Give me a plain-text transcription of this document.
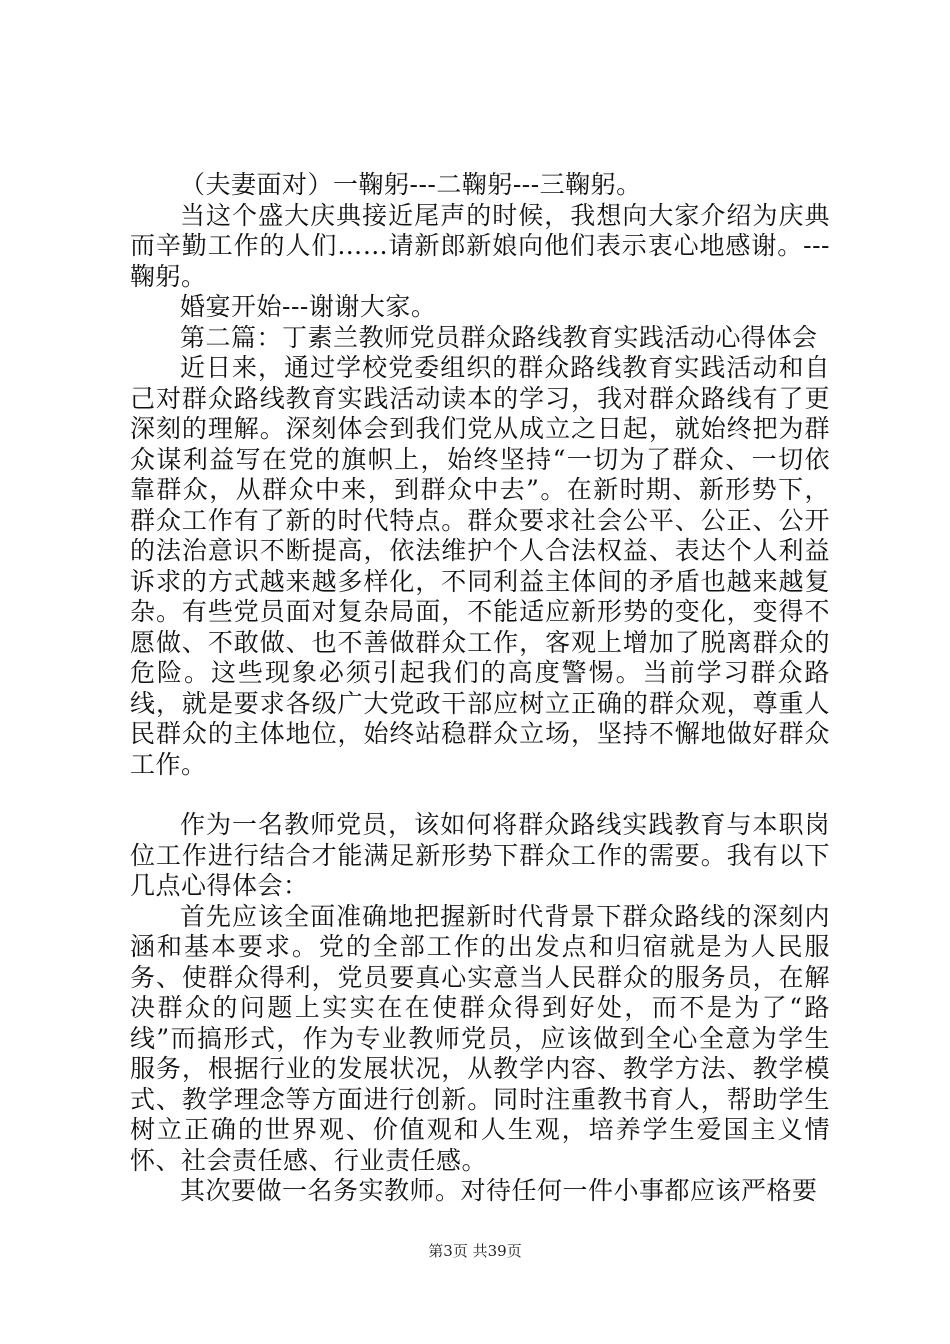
（夫妻面对）一鞠躬---二鞠躬---三鞠躬。

当这个盛大庆典接近尾声的时候，我想向大家介绍为庆典而辛勤工作的人们……请新郎新娘向他们表示衷心地感谢。---鞠躬。

婚宴开始---谢谢大家。

第二篇：丁素兰教师党员群众路线教育实践活动心得体会

近日来，通过学校党委组织的群众路线教育实践活动和自己对群众路线教育实践活动读本的学习，我对群众路线有了更深刻的理解。深刻体会到我们党从成立之日起，就始终把为群众谋利益写在党的旗帜上，始终坚持“一切为了群众、一切依靠群众，从群众中来，到群众中去”。在新时期、新形势下，群众工作有了新的时代特点。群众要求社会公平、公正、公开的法治意识不断提高，依法维护个人合法权益、表达个人利益诉求的方式越来越多样化，不同利益主体间的矛盾也越来越复杂。有些党员面对复杂局面，不能适应新形势的变化，变得不愿做、不敢做、也不善做群众工作，客观上增加了脱离群众的危险。这些现象必须引起我们的高度警惕。当前学习群众路线，就是要求各级广大党政干部应树立正确的群众观，尊重人民群众的主体地位，始终站稳群众立场，坚持不懈地做好群众工作。

作为一名教师党员，该如何将群众路线实践教育与本职岗位工作进行结合才能满足新形势下群众工作的需要。我有以下几点心得体会：

首先应该全面准确地把握新时代背景下群众路线的深刻内涵和基本要求。党的全部工作的出发点和归宿就是为人民服务、使群众得利，党员要真心实意当人民群众的服务员，在解决群众的问题上实实在在使群众得到好处，而不是为了“路线”而搞形式，作为专业教师党员，应该做到全心全意为学生服务，根据行业的发展状况，从教学内容、教学方法、教学模式、教学理念等方面进行创新。同时注重教书育人，帮助学生树立正确的世界观、价值观和人生观，培养学生爱国主义情怀、社会责任感、行业责任感。

其次要做一名务实教师。对待任何一件小事都应该严格要

第3页 共39页
